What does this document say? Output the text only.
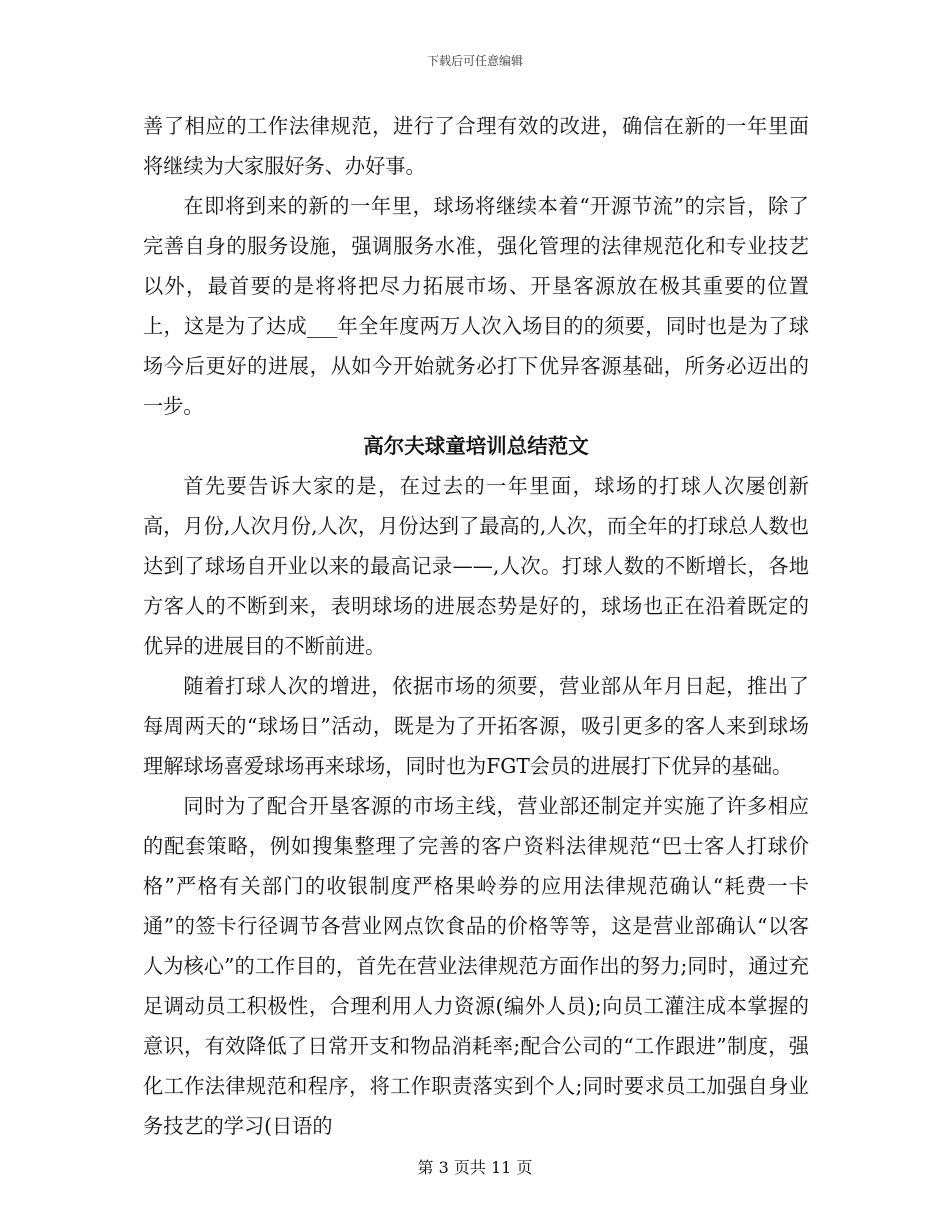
下载后可任意编辑

善了相应的工作法律规范，进行了合理有效的改进，确信在新的一年里面将继续为大家服好务、办好事。

在即将到来的新的一年里，球场将继续本着“开源节流”的宗旨，除了完善自身的服务设施，强调服务水准，强化管理的法律规范化和专业技艺以外，最首要的是将将把尽力拓展市场、开垦客源放在极其重要的位置上，这是为了达成___年全年度两万人次入场目的的须要，同时也是为了球场今后更好的进展，从如今开始就务必打下优异客源基础，所务必迈出的一步。

高尔夫球童培训总结范文

首先要告诉大家的是，在过去的一年里面，球场的打球人次屡创新高，月份,人次月份,人次，月份达到了最高的,人次，而全年的打球总人数也达到了球场自开业以来的最高记录——,人次。打球人数的不断增长，各地方客人的不断到来，表明球场的进展态势是好的，球场也正在沿着既定的优异的进展目的不断前进。

随着打球人次的增进，依据市场的须要，营业部从年月日起，推出了每周两天的“球场日”活动，既是为了开拓客源，吸引更多的客人来到球场理解球场喜爱球场再来球场，同时也为FGT会员的进展打下优异的基础。

同时为了配合开垦客源的市场主线，营业部还制定并实施了许多相应的配套策略，例如搜集整理了完善的客户资料法律规范“巴士客人打球价格”严格有关部门的收银制度严格果岭券的应用法律规范确认“耗费一卡通”的签卡行径调节各营业网点饮食品的价格等等，这是营业部确认“以客人为核心”的工作目的，首先在营业法律规范方面作出的努力;同时，通过充足调动员工积极性，合理利用人力资源(编外人员);向员工灌注成本掌握的意识，有效降低了日常开支和物品消耗率;配合公司的“工作跟进”制度，强化工作法律规范和程序，将工作职责落实到个人;同时要求员工加强自身业务技艺的学习(日语的

第 3 页共 11 页
